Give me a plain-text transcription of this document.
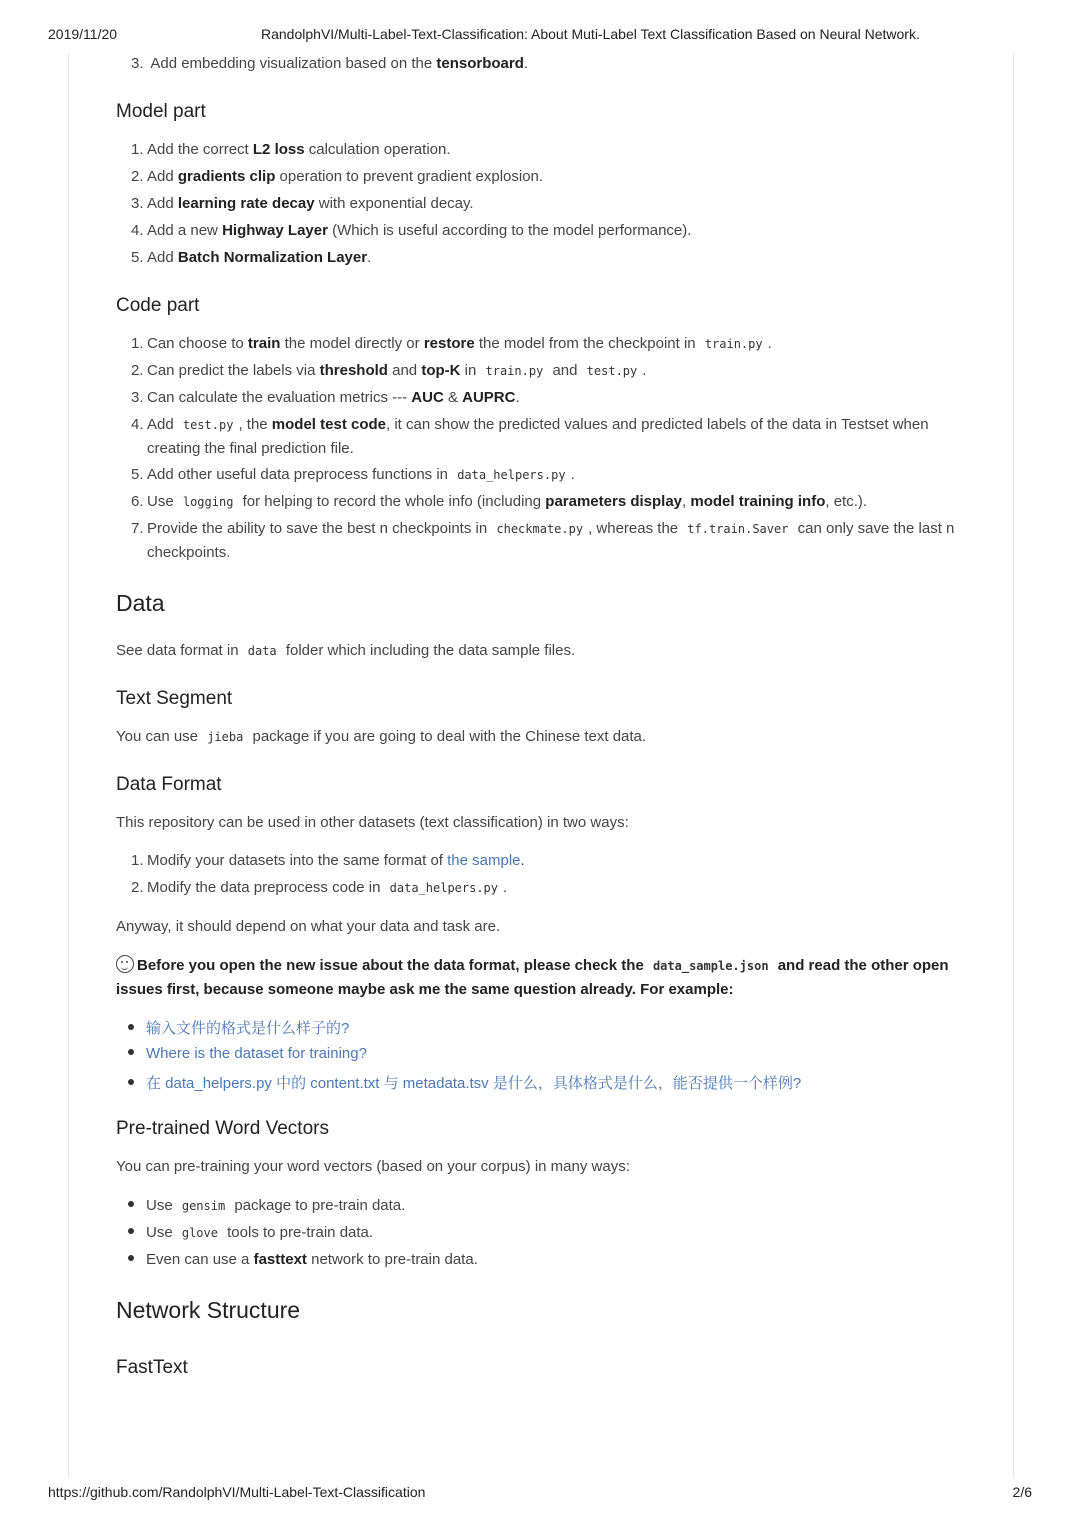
2019/11/20	RandolphVI/Multi-Label-Text-Classification: About Muti-Label Text Classification Based on Neural Network.
3. Add embedding visualization based on the tensorboard.
Model part
1. Add the correct L2 loss calculation operation.
2. Add gradients clip operation to prevent gradient explosion.
3. Add learning rate decay with exponential decay.
4. Add a new Highway Layer (Which is useful according to the model performance).
5. Add Batch Normalization Layer.
Code part
1. Can choose to train the model directly or restore the model from the checkpoint in train.py .
2. Can predict the labels via threshold and top-K in train.py and test.py .
3. Can calculate the evaluation metrics --- AUC & AUPRC.
4. Add test.py , the model test code, it can show the predicted values and predicted labels of the data in Testset when creating the final prediction file.
5. Add other useful data preprocess functions in data_helpers.py .
6. Use logging for helping to record the whole info (including parameters display, model training info, etc.).
7. Provide the ability to save the best n checkpoints in checkmate.py , whereas the tf.train.Saver can only save the last n checkpoints.
Data
See data format in data folder which including the data sample files.
Text Segment
You can use jieba package if you are going to deal with the Chinese text data.
Data Format
This repository can be used in other datasets (text classification) in two ways:
1. Modify your datasets into the same format of the sample.
2. Modify the data preprocess code in data_helpers.py .
Anyway, it should depend on what your data and task are.
Before you open the new issue about the data format, please check the data_sample.json and read the other open issues first, because someone maybe ask me the same question already. For example:
输入文件的格式是什么样子的?
Where is the dataset for training?
在 data_helpers.py 中的 content.txt 与 metadata.tsv 是什么，具体格式是什么，能否提供一个样例?
Pre-trained Word Vectors
You can pre-training your word vectors (based on your corpus) in many ways:
Use gensim package to pre-train data.
Use glove tools to pre-train data.
Even can use a fasttext network to pre-train data.
Network Structure
FastText
https://github.com/RandolphVI/Multi-Label-Text-Classification	2/6
